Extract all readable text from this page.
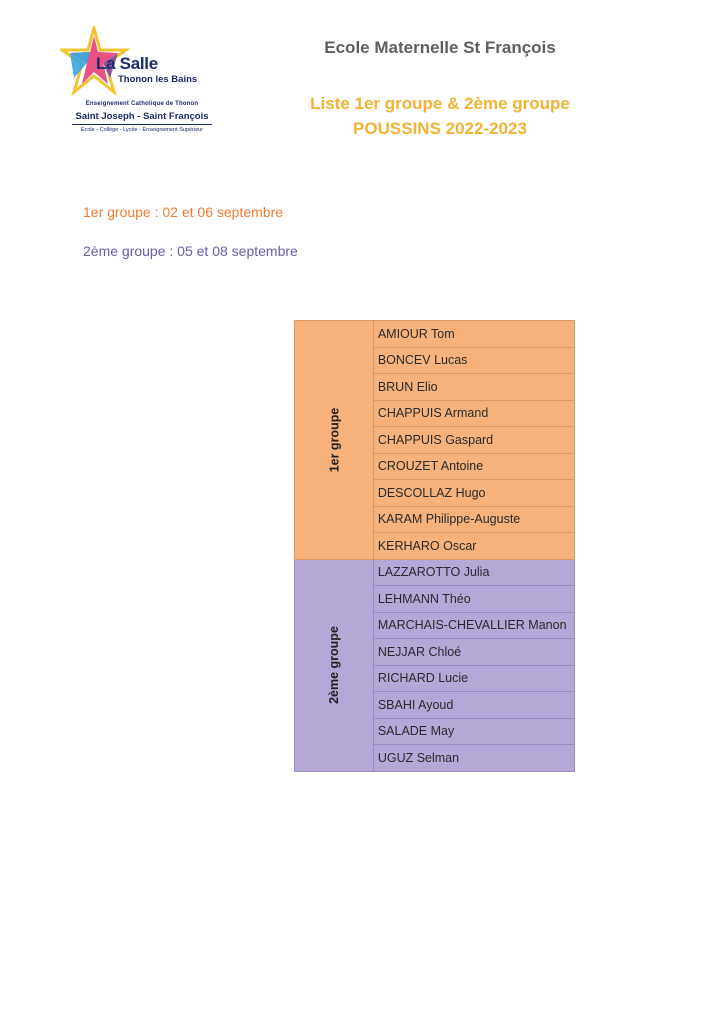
La Salle
Thonon les Bains
Enseignement Catholique de Thonon
Saint Joseph - Saint François
Ecole - Collège - Lycée - Enseignement Supérieur
Ecole Maternelle St François
Liste 1er groupe & 2ème groupe
POUSSINS 2022-2023
1er groupe : 02 et 06 septembre
2ème groupe : 05 et 08 septembre
1er groupe	AMIOUR Tom
	BONCEV Lucas
	BRUN Elio
	CHAPPUIS Armand
	CHAPPUIS Gaspard
	CROUZET Antoine
	DESCOLLAZ Hugo
	KARAM Philippe-Auguste
	KERHARO Oscar
2ème groupe	LAZZAROTTO Julia
	LEHMANN Théo
	MARCHAIS-CHEVALLIER Manon
	NEJJAR Chloé
	RICHARD Lucie
	SBAHI Ayoud
	SALADE May
	UGUZ Selman
